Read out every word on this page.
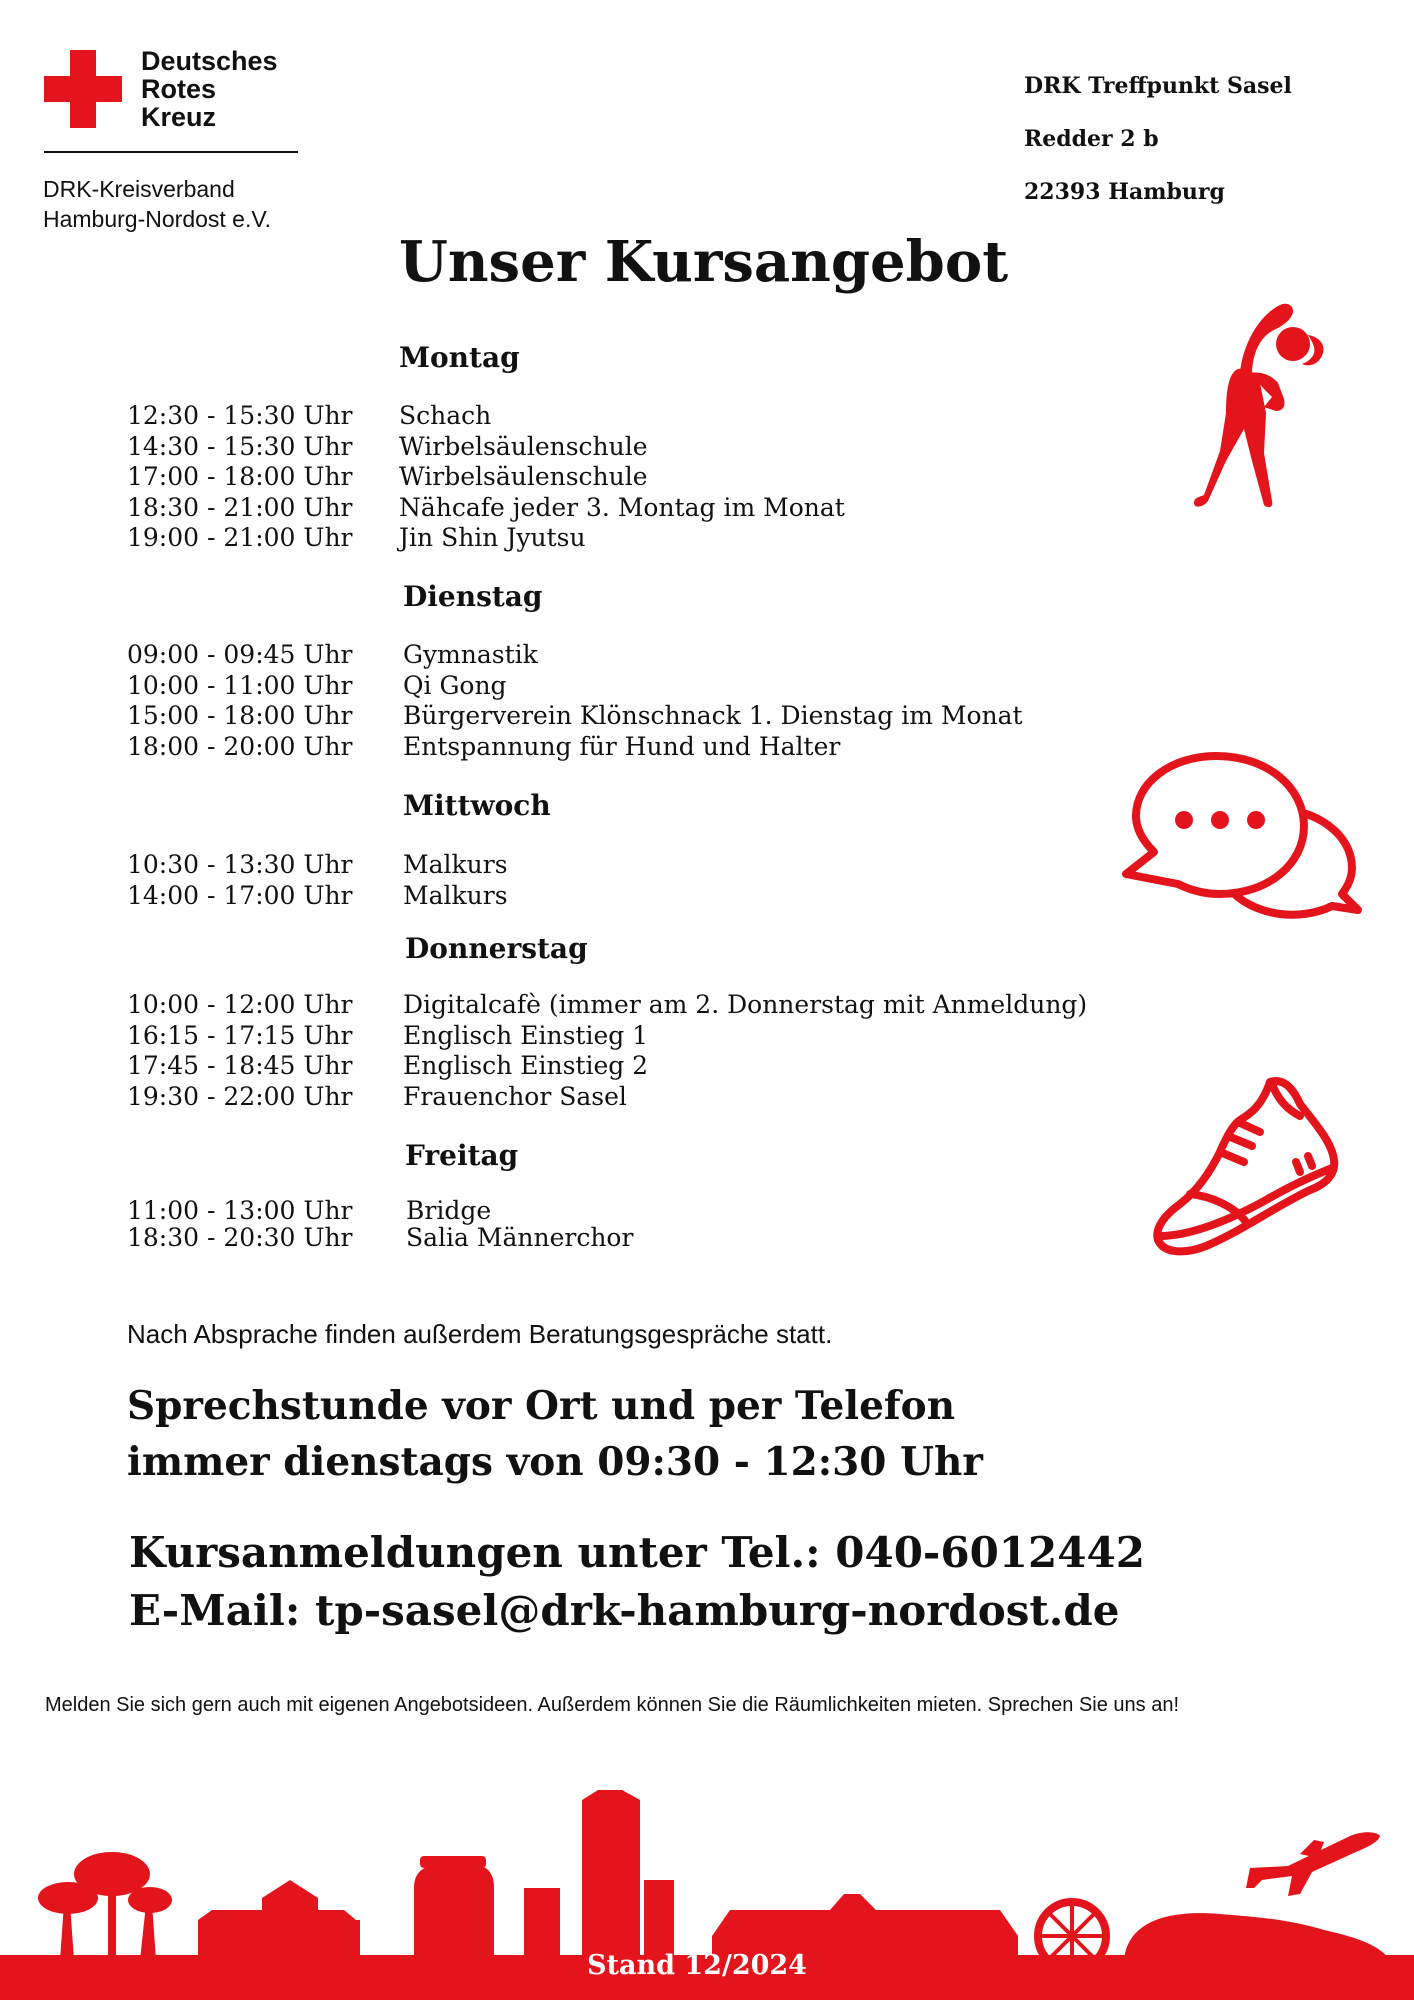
Deutsches
Rotes
Kreuz
DRK-Kreisverband
Hamburg-Nordost e.V.
DRK Treffpunkt Sasel
Redder 2 b
22393 Hamburg
Unser Kursangebot
Montag
12:30 - 15:30 Uhr Schach
14:30 - 15:30 Uhr Wirbelsäulenschule
17:00 - 18:00 Uhr Wirbelsäulenschule
18:30 - 21:00 Uhr Nähcafe jeder 3. Montag im Monat
19:00 - 21:00 Uhr Jin Shin Jyutsu
Dienstag
09:00 - 09:45 Uhr Gymnastik
10:00 - 11:00 Uhr Qi Gong
15:00 - 18:00 Uhr Bürgerverein Klönschnack 1. Dienstag im Monat
18:00 - 20:00 Uhr Entspannung für Hund und Halter
Mittwoch
10:30 - 13:30 Uhr Malkurs
14:00 - 17:00 Uhr Malkurs
Donnerstag
10:00 - 12:00 Uhr Digitalcafè (immer am 2. Donnerstag mit Anmeldung)
16:15 - 17:15 Uhr Englisch Einstieg 1
17:45 - 18:45 Uhr Englisch Einstieg 2
19:30 - 22:00 Uhr Frauenchor Sasel
Freitag
11:00 - 13:00 Uhr Bridge
18:30 - 20:30 Uhr Salia Männerchor
Nach Absprache finden außerdem Beratungsgespräche statt.
Sprechstunde vor Ort und per Telefon
immer dienstags von 09:30 - 12:30 Uhr
Kursanmeldungen unter Tel.: 040-6012442
E-Mail: tp-sasel@drk-hamburg-nordost.de
Melden Sie sich gern auch mit eigenen Angebotsideen. Außerdem können Sie die Räumlichkeiten mieten. Sprechen Sie uns an!
Stand 12/2024
